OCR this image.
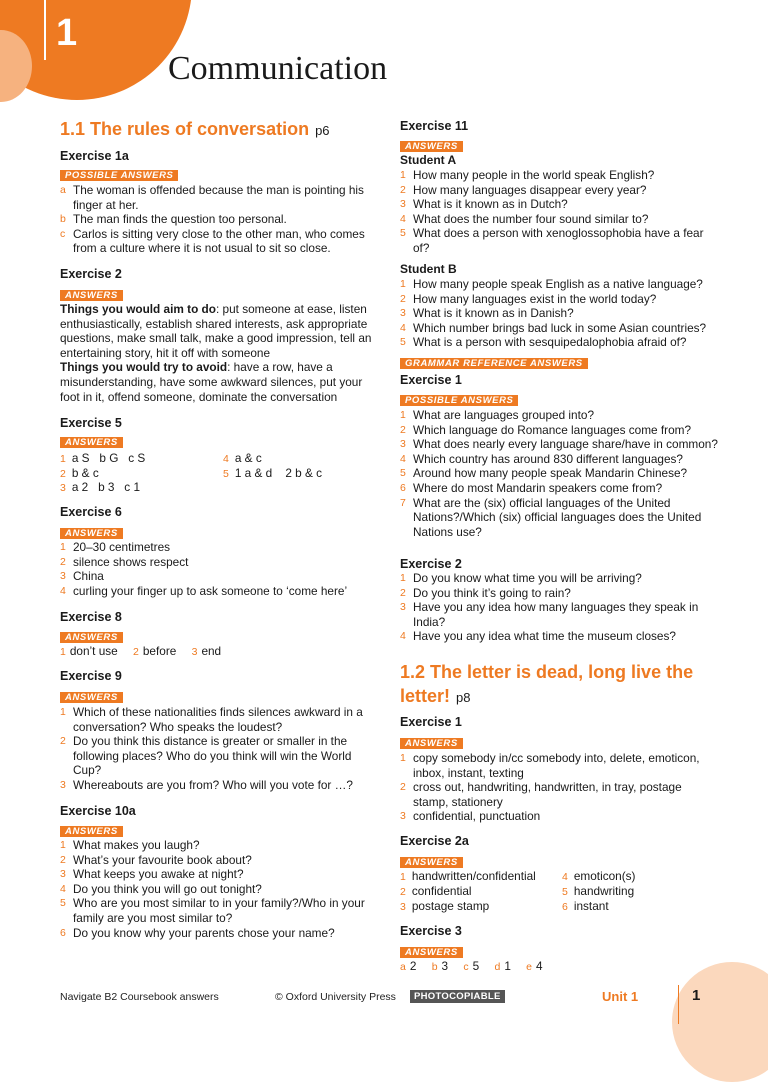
1
Communication
1.1 The rules of conversation p6
Exercise 1a
POSSIBLE ANSWERS
a The woman is offended because the man is pointing his finger at her.
b The man finds the question too personal.
c Carlos is sitting very close to the other man, who comes from a culture where it is not usual to sit so close.
Exercise 2
ANSWERS
Things you would aim to do: put someone at ease, listen enthusiastically, establish shared interests, ask appropriate questions, make small talk, make a good impression, tell an entertaining story, hit it off with someone
Things you would try to avoid: have a row, have a misunderstanding, have some awkward silences, put your foot in it, offend someone, dominate the conversation
Exercise 5
ANSWERS
1 a S   b G   c S
2 b & c
3 a 2   b 3   c 1
4 a & c
5 1 a & d    2 b & c
Exercise 6
ANSWERS
1 20–30 centimetres
2 silence shows respect
3 China
4 curling your finger up to ask someone to ‘come here’
Exercise 8
ANSWERS
1 don’t use 2 before 3 end
Exercise 9
ANSWERS
1 Which of these nationalities finds silences awkward in a conversation? Who speaks the loudest?
2 Do you think this distance is greater or smaller in the following places? Who do you think will win the World Cup?
3 Whereabouts are you from? Who will you vote for …?
Exercise 10a
ANSWERS
1 What makes you laugh?
2 What’s your favourite book about?
3 What keeps you awake at night?
4 Do you think you will go out tonight?
5 Who are you most similar to in your family?/Who in your family are you most similar to?
6 Do you know why your parents chose your name?
Exercise 11
ANSWERS
Student A
1 How many people in the world speak English?
2 How many languages disappear every year?
3 What is it known as in Dutch?
4 What does the number four sound similar to?
5 What does a person with xenoglossophobia have a fear of?
Student B
1 How many people speak English as a native language?
2 How many languages exist in the world today?
3 What is it known as in Danish?
4 Which number brings bad luck in some Asian countries?
5 What is a person with sesquipedalophobia afraid of?
GRAMMAR REFERENCE ANSWERS
Exercise 1
POSSIBLE ANSWERS
1 What are languages grouped into?
2 Which language do Romance languages come from?
3 What does nearly every language share/have in common?
4 Which country has around 830 different languages?
5 Around how many people speak Mandarin Chinese?
6 Where do most Mandarin speakers come from?
7 What are the (six) official languages of the United Nations?/Which (six) official languages does the United Nations use?
Exercise 2
1 Do you know what time you will be arriving?
2 Do you think it’s going to rain?
3 Have you any idea how many languages they speak in India?
4 Have you any idea what time the museum closes?
1.2 The letter is dead, long live the letter! p8
Exercise 1
ANSWERS
1 copy somebody in/cc somebody into, delete, emoticon, inbox, instant, texting
2 cross out, handwriting, handwritten, in tray, postage stamp, stationery
3 confidential, punctuation
Exercise 2a
ANSWERS
1 handwritten/confidential
2 confidential
3 postage stamp
4 emoticon(s)
5 handwriting
6 instant
Exercise 3
ANSWERS
a 2 b 3 c 5 d 1 e 4
Navigate B2 Coursebook answers	© Oxford University Press	PHOTOCOPIABLE	Unit 1	1
